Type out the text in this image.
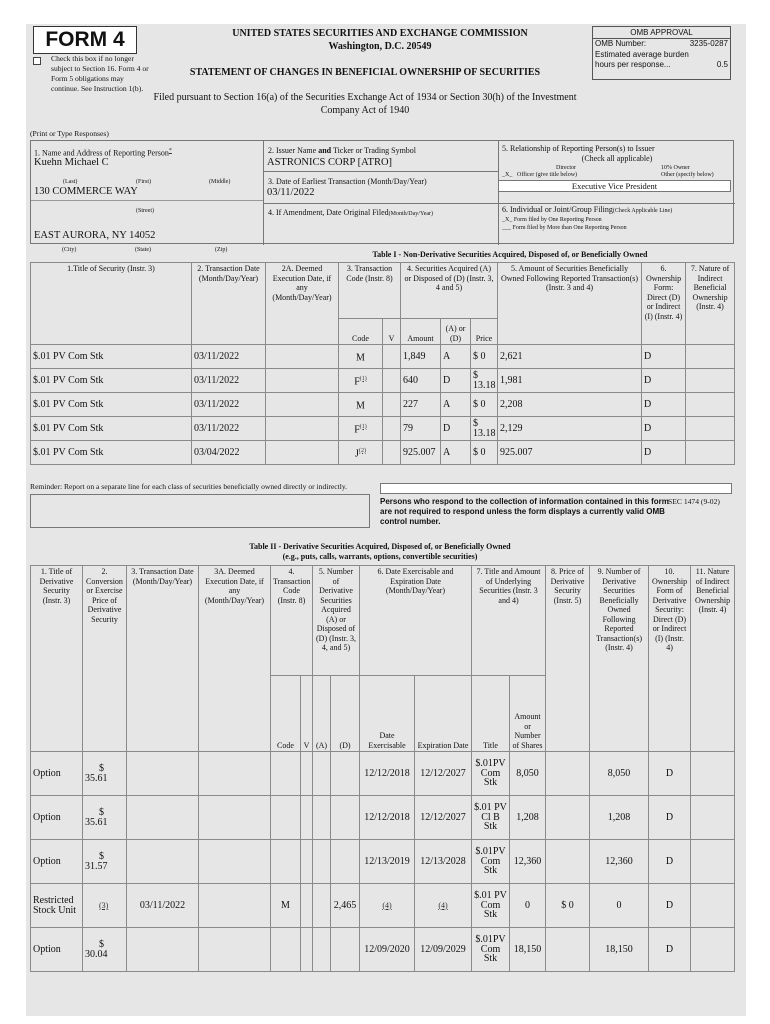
FORM 4
Check this box if no longer subject to Section 16. Form 4 or Form 5 obligations may continue. See Instruction 1(b).
UNITED STATES SECURITIES AND EXCHANGE COMMISSION
Washington, D.C. 20549
STATEMENT OF CHANGES IN BENEFICIAL OWNERSHIP OF SECURITIES
Filed pursuant to Section 16(a) of the Securities Exchange Act of 1934 or Section 30(h) of the Investment Company Act of 1940
OMB APPROVAL
OMB Number:	3235-0287
Estimated average burden
hours per response...	0.5
(Print or Type Responses)
1. Name and Address of Reporting Person*
Kuehn Michael C
(Last)	(First)	(Middle)
130 COMMERCE WAY
(Street)
EAST AURORA, NY 14052
2. Issuer Name and Ticker or Trading Symbol
ASTRONICS CORP [ATRO]
3. Date of Earliest Transaction (Month/Day/Year)
03/11/2022
4. If Amendment, Date Original Filed(Month/Day/Year)
5. Relationship of Reporting Person(s) to Issuer
(Check all applicable)
Director	10% Owner
_X_ Officer (give title below)	Other (specify below)
6. Individual or Joint/Group Filing(Check Applicable Line)
_X_ Form filed by One Reporting Person
___ Form filed by More than One Reporting Person
Executive Vice President
(City)	(State)	(Zip)	Table I - Non-Derivative Securities Acquired, Disposed of, or Beneficially Owned
1.Title of Security (Instr. 3)	2. Transaction Date (Month/Day/Year)	2A. Deemed Execution Date, if any (Month/Day/Year)	3. Transaction Code (Instr. 8)		4. Securities Acquired (A) or Disposed of (D) (Instr. 3, 4 and 5)			5. Amount of Securities Beneficially Owned Following Reported Transaction(s) (Instr. 3 and 4)	6. Ownership Form: Direct (D) or Indirect (I) (Instr. 4)	7. Nature of Indirect Beneficial Ownership (Instr. 4)
			Code	V	Amount	(A) or (D)	Price			
$.01 PV Com Stk	03/11/2022		M		1,849	A	$ 0	2,621	D	
$.01 PV Com Stk	03/11/2022		$F^{(1)}$		640	D	$ 13.18	1,981	D	
$.01 PV Com Stk	03/11/2022		M		227	A	$ 0	2,208	D	
$.01 PV Com Stk	03/11/2022		$F^{(1)}$		79	D	$ 13.18	2,129	D	
$.01 PV Com Stk	03/04/2022		$J^{(2)}$		925.007	A	$ 0	925.007	D	
Reminder: Report on a separate line for each class of securities beneficially owned directly or indirectly.
Persons who respond to the collection of information contained in this form are not required to respond unless the form displays a currently valid OMB control number.
SEC 1474 (9-02)
Table II - Derivative Securities Acquired, Disposed of, or Beneficially Owned
(e.g., puts, calls, warrants, options, convertible securities)
1. Title of Derivative Security (Instr. 3)	2. Conversion or Exercise Price of Derivative Security	3. Transaction Date (Month/Day/Year)	3A. Deemed Execution Date, if any (Month/Day/Year)	4. Transaction Code (Instr. 8)		5. Number of Derivative Securities Acquired (A) or Disposed of (D) (Instr. 3, 4, and 5)		6. Date Exercisable and Expiration Date (Month/Day/Year)		7. Title and Amount of Underlying Securities (Instr. 3 and 4)		8. Price of Derivative Security (Instr. 5)	9. Number of Derivative Securities Beneficially Owned Following Reported Transaction(s) (Instr. 4)	10. Ownership Form of Derivative Security: Direct (D) or Indirect (I) (Instr. 4)	11. Nature of Indirect Beneficial Ownership (Instr. 4)
				Code	V	(A)	(D)	Date Exercisable	Expiration Date	Title	Amount or Number of Shares				
Option	$ 35.61							12/12/2018	12/12/2027	$.01PV Com Stk	8,050		8,050	D	
Option	$ 35.61							12/12/2018	12/12/2027	$.01 PV Cl B Stk	1,208		1,208	D	
Option	$ 31.57							12/13/2019	12/13/2028	$.01PV Com Stk	12,360		12,360	D	
Restricted Stock Unit	(3)	03/11/2022		M			2,465	(4)	(4)	$.01 PV Com Stk	0	$ 0	0	D	
Option	$ 30.04							12/09/2020	12/09/2029	$.01PV Com Stk	18,150		18,150	D	
